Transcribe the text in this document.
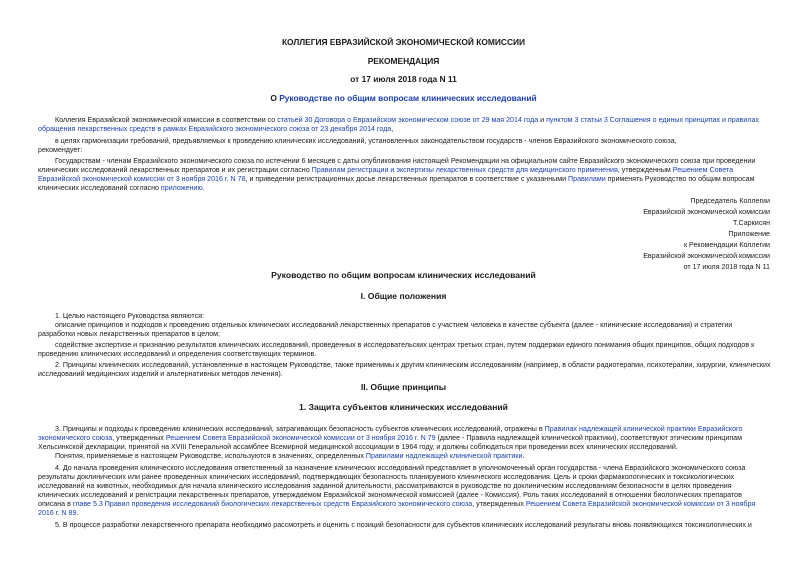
КОЛЛЕГИЯ ЕВРАЗИЙСКОЙ ЭКОНОМИЧЕСКОЙ КОМИССИИ
РЕКОМЕНДАЦИЯ
от 17 июля 2018 года N 11
О Руководстве по общим вопросам клинических исследований
Коллегия Евразийской экономической комиссии в соответствии со статьей 30 Договора о Евразийском экономическом союзе от 29 мая 2014 года и пунктом 3 статьи 3 Соглашения о единых принципах и правилах
обращения лекарственных средств в рамках Евразийского экономического союза от 23 декабря 2014 года,
в целях гармонизации требований, предъявляемых к проведению клинических исследований, установленных законодательством государств - членов Евразийского экономического союза,
рекомендует:
Государствам - членам Евразийского экономического союза по истечении 6 месяцев с даты опубликования настоящей Рекомендации на официальном сайте Евразийского экономического союза при проведении
клинических исследований лекарственных препаратов и их регистрации согласно Правилам регистрации и экспертизы лекарственных средств для медицинского применения, утвержденным Решением Совета
Евразийской экономической комиссии от 3 ноября 2016 г. N 78, и приведении регистрационных досье лекарственных препаратов в соответствие с указанными Правилами применять Руководство по общим вопросам
клинических исследований согласно приложению.
Председатель Коллегии
Евразийской экономической комиссии
Т.Саркисян
Приложение
к Рекомендации Коллегии
Евразийской экономической комиссии
от 17 июля 2018 года N 11
Руководство по общим вопросам клинических исследований
I. Общие положения
1. Целью настоящего Руководства являются:
описание принципов и подходов к проведению отдельных клинических исследований лекарственных препаратов с участием человека в качестве субъекта (далее - клинические исследования) и стратегии
разработки новых лекарственных препаратов в целом;
содействие экспертизе и признанию результатов клинических исследований, проведенных в исследовательских центрах третьих стран, путем поддержки единого понимания общих принципов, общих подходов к
проведению клинических исследований и определения соответствующих терминов.
2. Принципы клинических исследований, установленные в настоящем Руководстве, также применимы к другим клиническим исследованиям (например, в области радиотерапии, психотерапии, хирургии, клинических
исследований медицинских изделий и альтернативных методов лечения).
II. Общие принципы
1. Защита субъектов клинических исследований
3. Принципы и подходы к проведению клинических исследований, затрагивающих безопасность субъектов клинических исследований, отражены в Правилах надлежащей клинической практики Евразийского
экономического союза, утвержденных Решением Совета Евразийской экономической комиссии от 3 ноября 2016 г. N 79 (далее - Правила надлежащей клинической практики), соответствуют этическим принципам
Хельсинкской декларации, принятой на XVIII Генеральной ассамблее Всемирной медицинской ассоциации в 1964 году, и должны соблюдаться при проведении всех клинических исследований.
Понятия, применяемые в настоящем Руководстве, используются в значениях, определенных Правилами надлежащей клинической практики.
4. До начала проведения клинического исследования ответственный за назначение клинических исследований представляет в уполномоченный орган государства - члена Евразийского экономического союза
результаты доклинических или ранее проведенных клинических исследований, подтверждающих безопасность планируемого клинического исследования. Цель и сроки фармакологических и токсикологических
исследований на животных, необходимых для начала клинического исследования заданной длительности, рассматриваются в руководстве по доклиническим исследованиям безопасности в целях проведения
клинических исследований и регистрации лекарственных препаратов, утверждаемом Евразийской экономической комиссией (далее - Комиссия). Роль таких исследований в отношении биологических препаратов
описана в главе 5.3 Правил проведения исследований биологических лекарственных средств Евразийского экономического союза, утвержденных Решением Совета Евразийской экономической комиссии от 3 ноября
2016 г. N 89.
5. В процессе разработки лекарственного препарата необходимо рассмотреть и оценить с позиций безопасности для субъектов клинических исследований результаты вновь появляющихся токсикологических и
